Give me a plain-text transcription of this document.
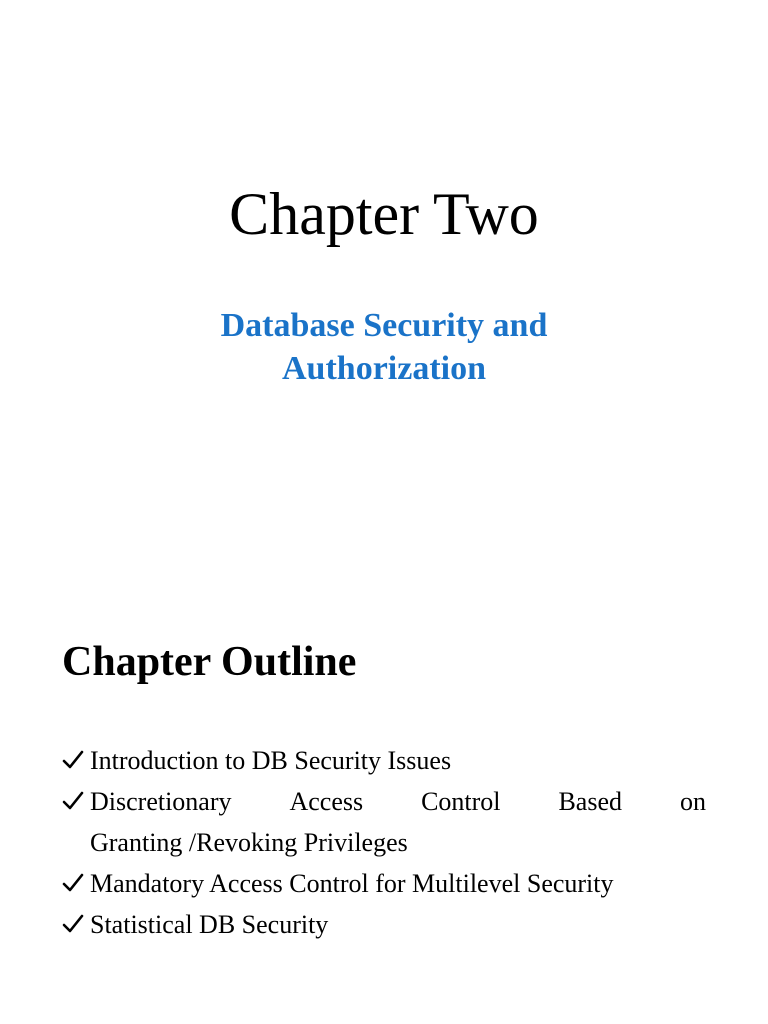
Chapter Two
Database Security and
Authorization
Chapter Outline
Introduction to DB Security Issues
Discretionary Access Control Based on
Granting /Revoking Privileges
Mandatory Access Control for Multilevel Security
Statistical DB Security
